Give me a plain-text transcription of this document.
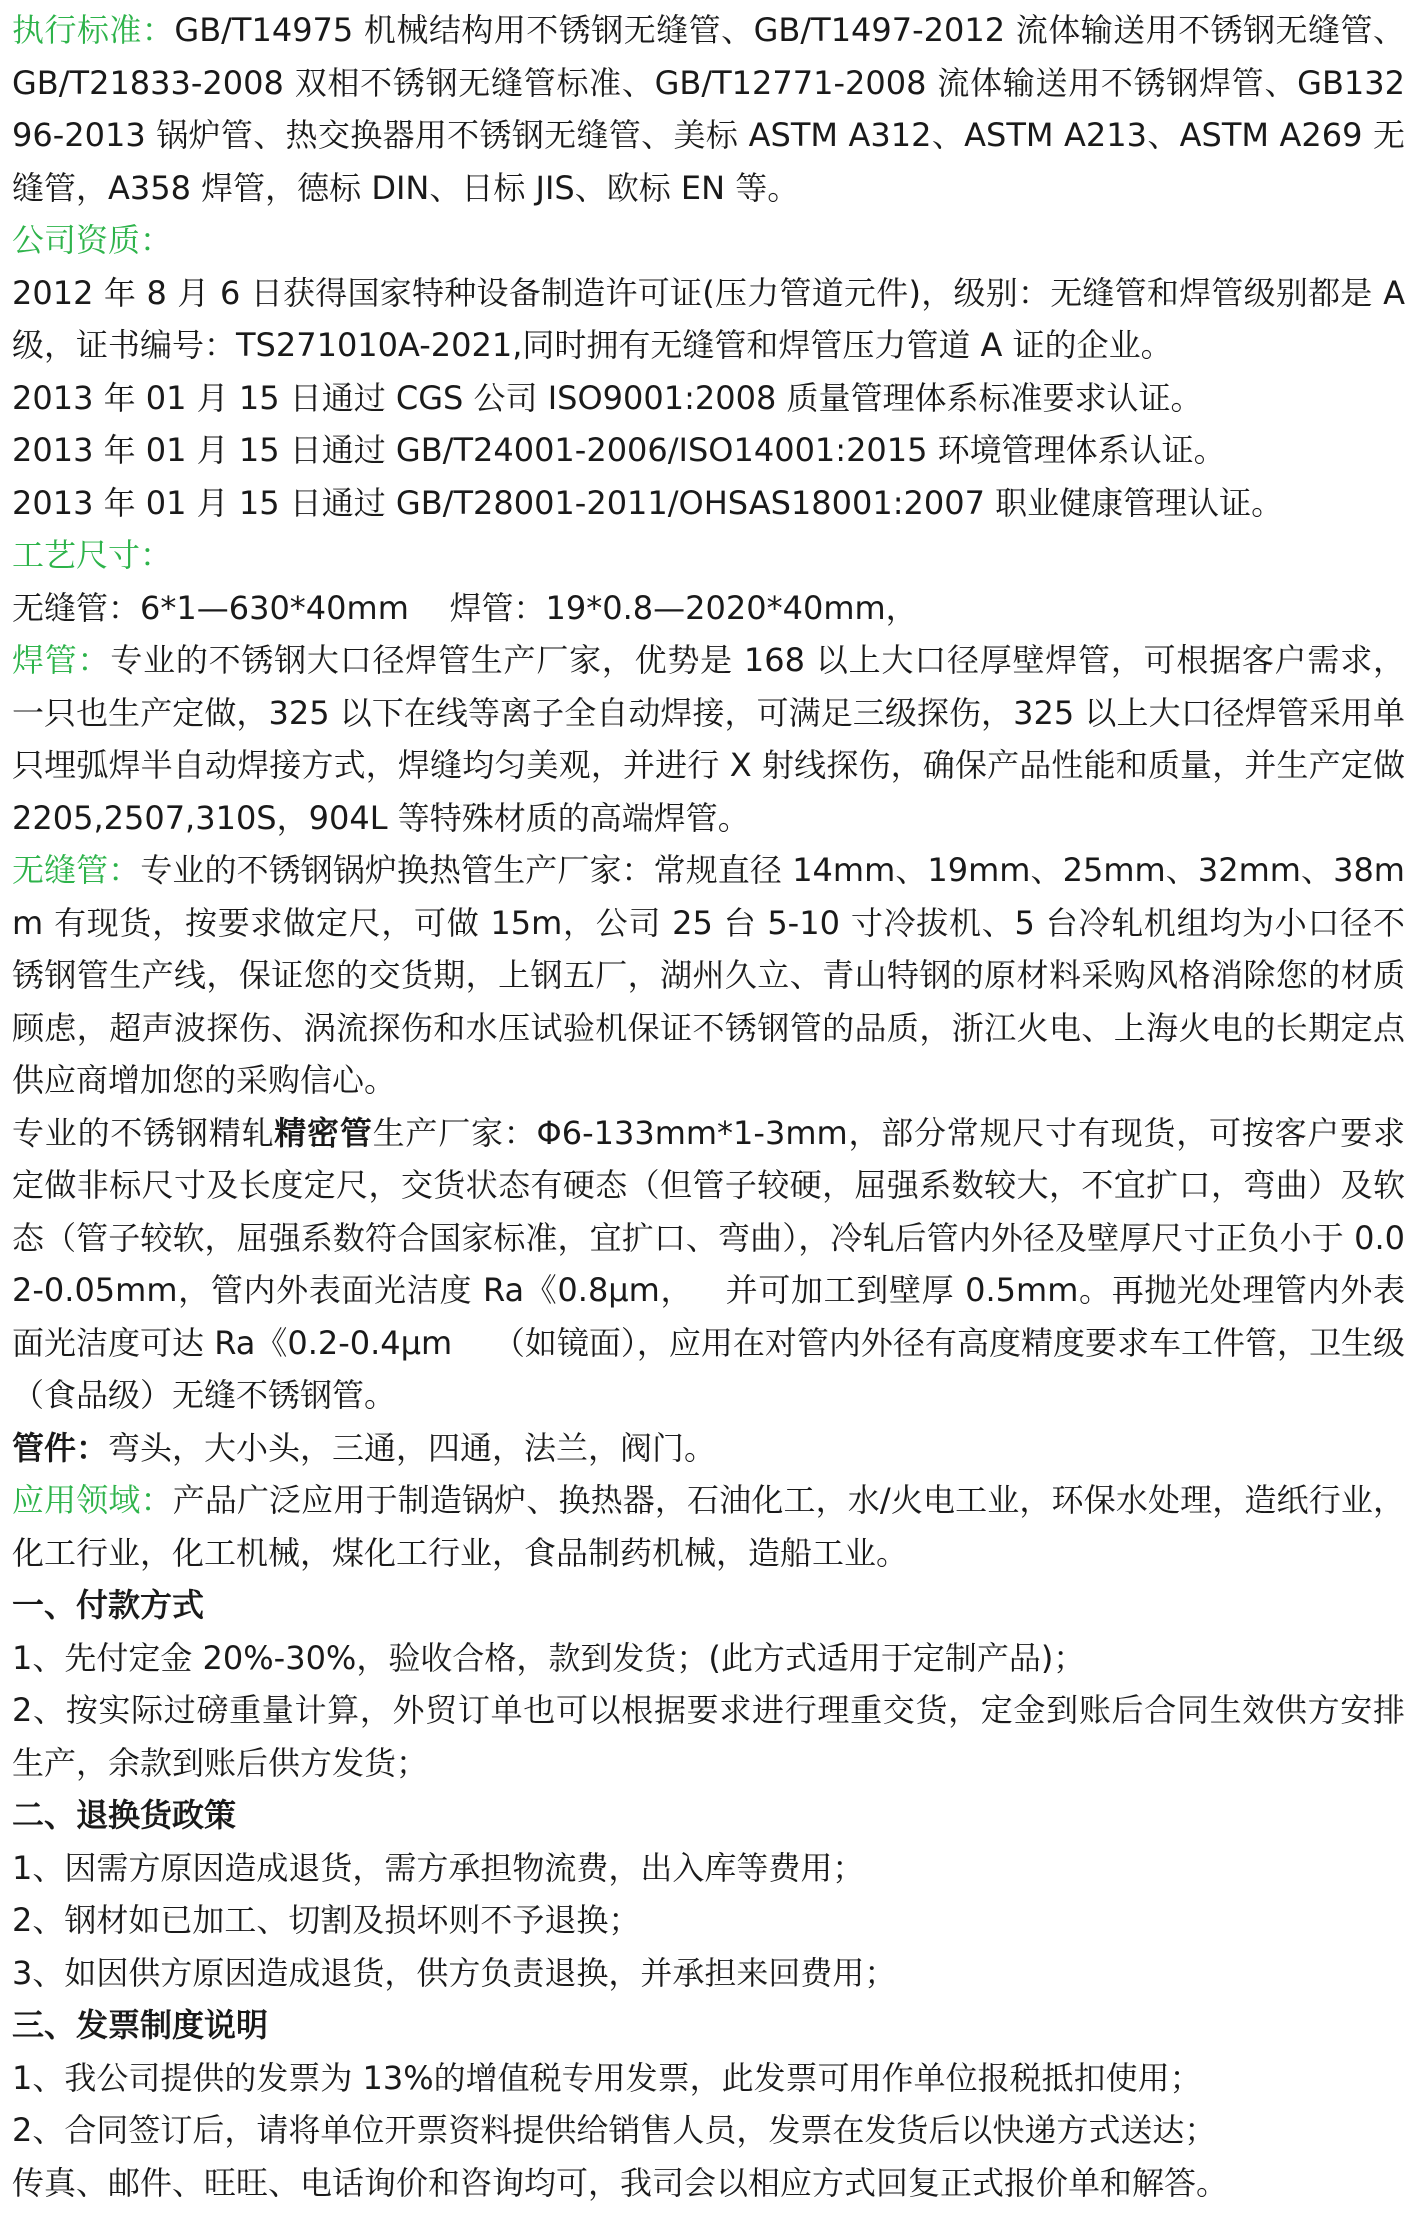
执行标准：GB/T14975 机械结构用不锈钢无缝管、GB/T1497-2012 流体输送用不锈钢无缝管、GB/T21833-2008 双相不锈钢无缝管标准、GB/T12771-2008 流体输送用不锈钢焊管、GB13296-2013 锅炉管、热交换器用不锈钢无缝管、美标 ASTM A312、ASTM A213、ASTM A269 无缝管，A358 焊管，德标 DIN、日标 JIS、欧标 EN 等。

公司资质：

2012 年 8 月 6 日获得国家特种设备制造许可证(压力管道元件)，级别：无缝管和焊管级别都是 A 级，证书编号：TS271010A-2021,同时拥有无缝管和焊管压力管道 A 证的企业。

2013 年 01 月 15 日通过 CGS 公司 ISO9001:2008 质量管理体系标准要求认证。

2013 年 01 月 15 日通过 GB/T24001-2006/ISO14001:2015 环境管理体系认证。

2013 年 01 月 15 日通过 GB/T28001-2011/OHSAS18001:2007 职业健康管理认证。

工艺尺寸：

无缝管：6*1—630*40mm    焊管：19*0.8—2020*40mm，

焊管：专业的不锈钢大口径焊管生产厂家，优势是 168 以上大口径厚壁焊管，可根据客户需求，一只也生产定做，325 以下在线等离子全自动焊接，可满足三级探伤，325 以上大口径焊管采用单只埋弧焊半自动焊接方式，焊缝均匀美观，并进行 X 射线探伤，确保产品性能和质量，并生产定做 2205,2507,310S，904L 等特殊材质的高端焊管。

无缝管：专业的不锈钢锅炉换热管生产厂家：常规直径 14mm、19mm、25mm、32mm、38mm 有现货，按要求做定尺，可做 15m，公司 25 台 5-10 寸冷拔机、5 台冷轧机组均为小口径不锈钢管生产线，保证您的交货期，上钢五厂，湖州久立、青山特钢的原材料采购风格消除您的材质顾虑，超声波探伤、涡流探伤和水压试验机保证不锈钢管的品质，浙江火电、上海火电的长期定点供应商增加您的采购信心。

专业的不锈钢精轧精密管生产厂家：Φ6-133mm*1-3mm，部分常规尺寸有现货，可按客户要求定做非标尺寸及长度定尺，交货状态有硬态（但管子较硬，屈强系数较大，不宜扩口，弯曲）及软态（管子较软，屈强系数符合国家标准，宜扩口、弯曲），冷轧后管内外径及壁厚尺寸正负小于 0.02-0.05mm，管内外表面光洁度 Ra《0.8μm，   并可加工到壁厚 0.5mm。再抛光处理管内外表面光洁度可达 Ra《0.2-0.4μm    （如镜面），应用在对管内外径有高度精度要求车工件管，卫生级（食品级）无缝不锈钢管。

管件：弯头，大小头，三通，四通，法兰，阀门。

应用领域：产品广泛应用于制造锅炉、换热器，石油化工，水/火电工业，环保水处理，造纸行业，化工行业，化工机械，煤化工行业，食品制药机械，造船工业。

一、付款方式

1、先付定金 20%-30%，验收合格，款到发货；(此方式适用于定制产品)；

2、按实际过磅重量计算，外贸订单也可以根据要求进行理重交货，定金到账后合同生效供方安排生产，余款到账后供方发货；

二、退换货政策

1、因需方原因造成退货，需方承担物流费，出入库等费用；

2、钢材如已加工、切割及损坏则不予退换；

3、如因供方原因造成退货，供方负责退换，并承担来回费用；

三、发票制度说明

1、我公司提供的发票为 13%的增值税专用发票，此发票可用作单位报税抵扣使用；

2、合同签订后，请将单位开票资料提供给销售人员，发票在发货后以快递方式送达；

传真、邮件、旺旺、电话询价和咨询均可，我司会以相应方式回复正式报价单和解答。
